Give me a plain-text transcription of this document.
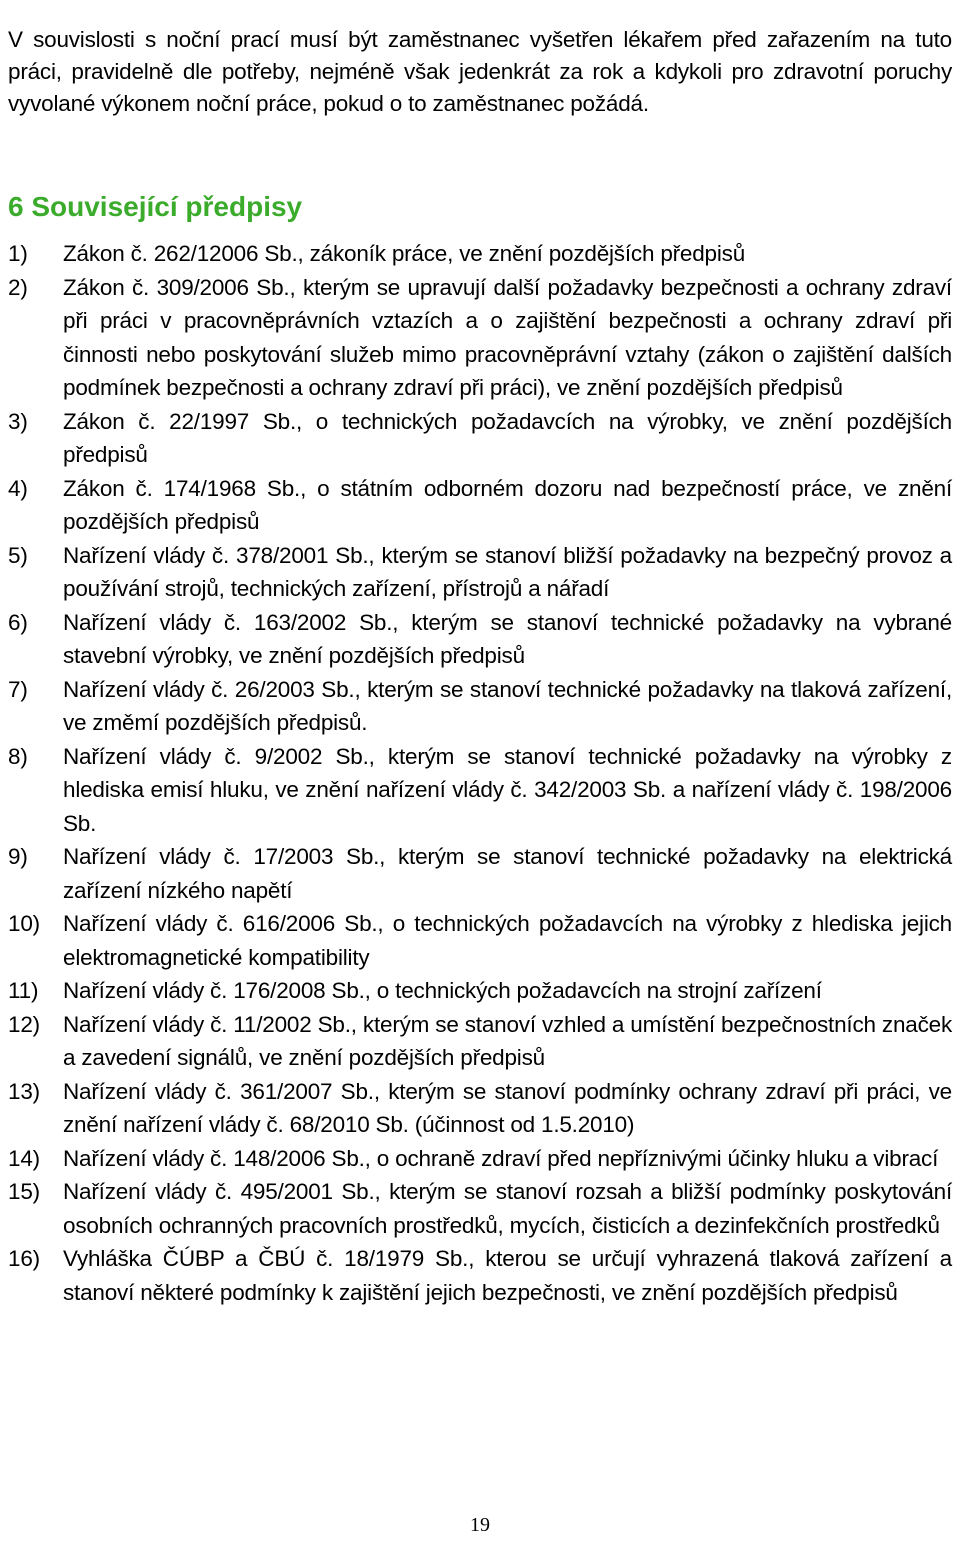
V souvislosti s noční prací musí být zaměstnanec vyšetřen lékařem před zařazením na tuto práci, pravidelně dle potřeby, nejméně však jedenkrát za rok a kdykoli pro zdravotní poruchy vyvolané výkonem noční práce, pokud o to zaměstnanec požádá.

6 Související předpisy
1) Zákon č. 262/12006 Sb., zákoník práce, ve znění pozdějších předpisů
2) Zákon č. 309/2006 Sb., kterým se upravují další požadavky bezpečnosti a ochrany zdraví při práci v pracovněprávních vztazích a o zajištění bezpečnosti a ochrany zdraví při činnosti nebo poskytování služeb mimo pracovněprávní vztahy (zákon o zajištění dalších podmínek bezpečnosti a ochrany zdraví při práci), ve znění pozdějších předpisů
3) Zákon č. 22/1997 Sb., o technických požadavcích na výrobky, ve znění pozdějších předpisů
4) Zákon č. 174/1968 Sb., o státním odborném dozoru nad bezpečností práce, ve znění pozdějších předpisů
5) Nařízení vlády č. 378/2001 Sb., kterým se stanoví bližší požadavky na bezpečný provoz a používání strojů, technických zařízení, přístrojů a nářadí
6) Nařízení vlády č. 163/2002 Sb., kterým se stanoví technické požadavky na vybrané stavební výrobky, ve znění pozdějších předpisů
7) Nařízení vlády č. 26/2003 Sb., kterým se stanoví technické požadavky na tlaková zařízení, ve změmí pozdějších předpisů.
8) Nařízení vlády č. 9/2002 Sb., kterým se stanoví technické požadavky na výrobky z hlediska emisí hluku, ve znění nařízení vlády č. 342/2003 Sb. a nařízení vlády č. 198/2006 Sb.
9) Nařízení vlády č. 17/2003 Sb., kterým se stanoví technické požadavky na elektrická zařízení nízkého napětí
10) Nařízení vlády č. 616/2006 Sb., o technických požadavcích na výrobky z hlediska jejich elektromagnetické kompatibility
11) Nařízení vlády č. 176/2008 Sb., o technických požadavcích na strojní zařízení
12) Nařízení vlády č. 11/2002 Sb., kterým se stanoví vzhled a umístění bezpečnostních značek a zavedení signálů, ve znění pozdějších předpisů
13) Nařízení vlády č. 361/2007 Sb., kterým se stanoví podmínky ochrany zdraví při práci, ve znění nařízení vlády č. 68/2010 Sb. (účinnost od 1.5.2010)
14) Nařízení vlády č. 148/2006 Sb., o ochraně zdraví před nepříznivými účinky hluku a vibrací
15) Nařízení vlády č. 495/2001 Sb., kterým se stanoví rozsah a bližší podmínky poskytování osobních ochranných pracovních prostředků, mycích, čisticích a dezinfekčních prostředků
16) Vyhláška ČÚBP a ČBÚ č. 18/1979 Sb., kterou se určují vyhrazená tlaková zařízení a stanoví některé podmínky k zajištění jejich bezpečnosti, ve znění pozdějších předpisů
19
